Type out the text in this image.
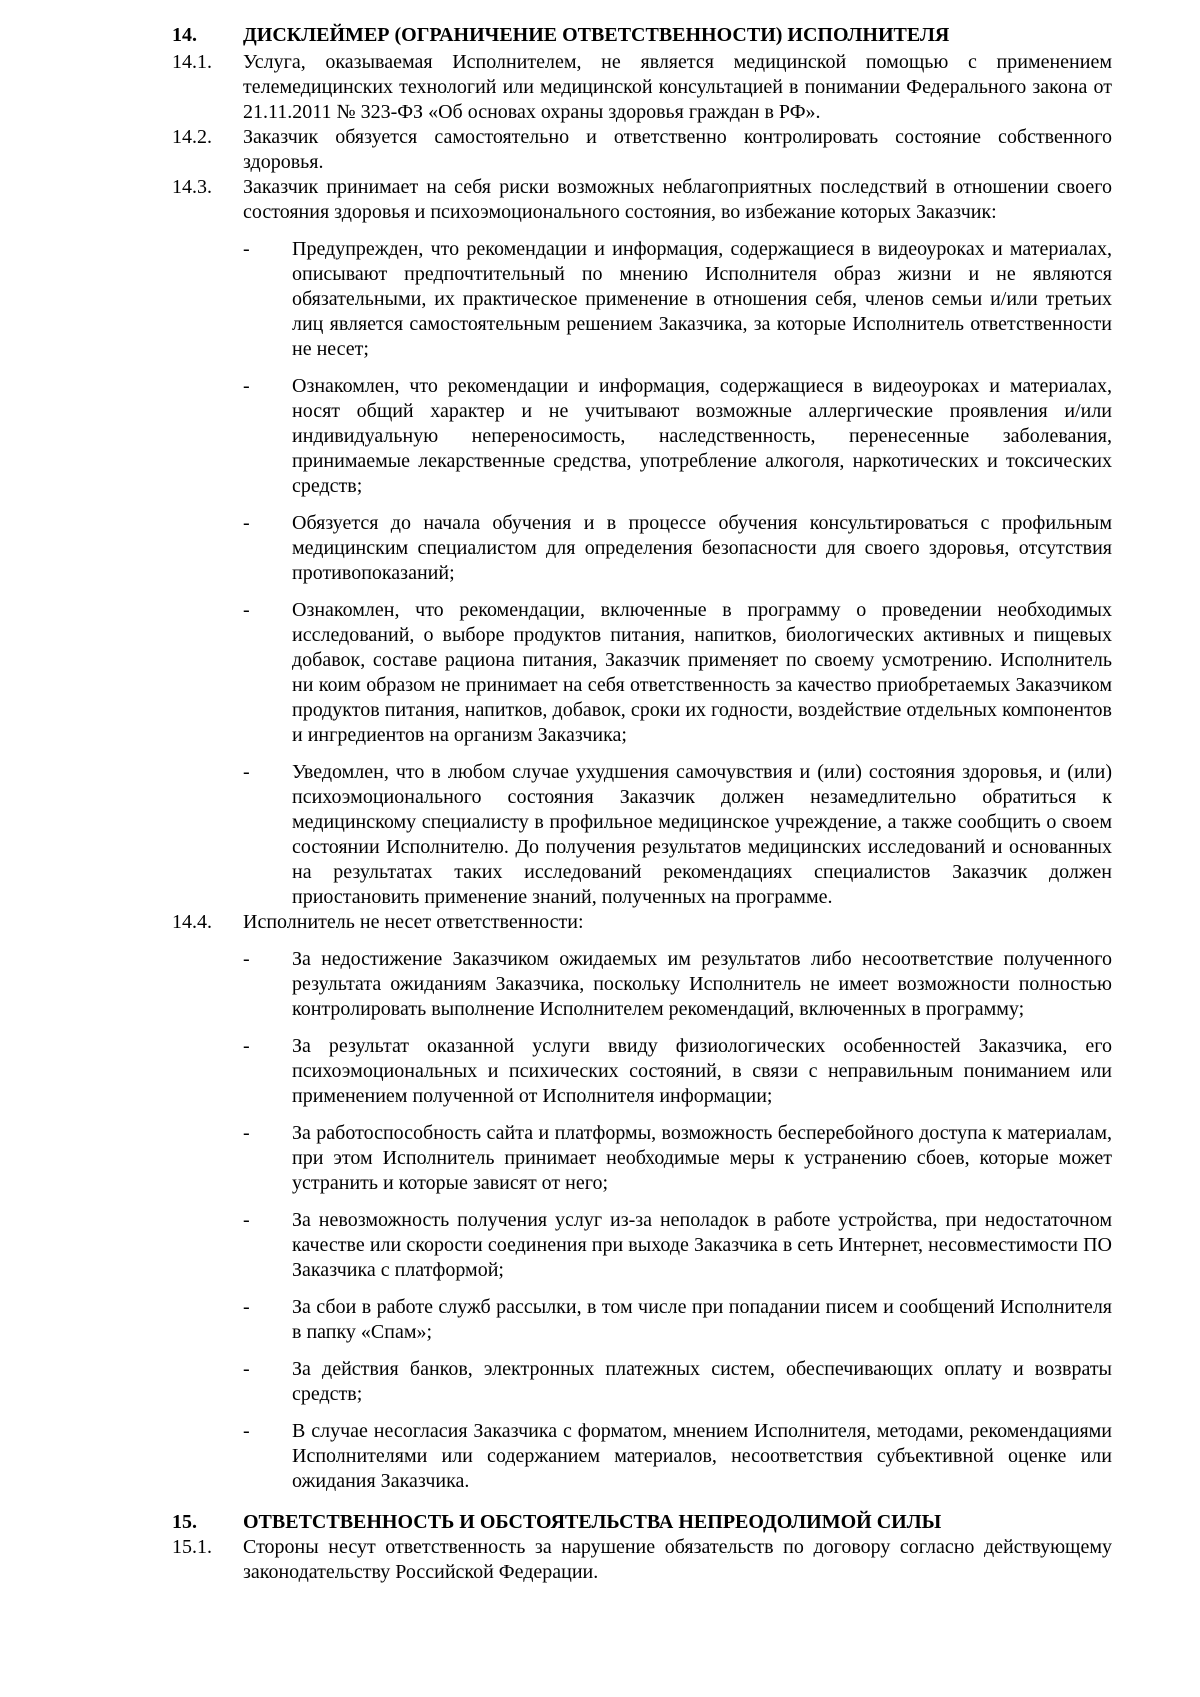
14.	ДИСКЛЕЙМЕР (ОГРАНИЧЕНИЕ ОТВЕТСТВЕННОСТИ) ИСПОЛНИТЕЛЯ

14.1.	Услуга, оказываемая Исполнителем, не является медицинской помощью с применением телемедицинских технологий или медицинской консультацией в понимании Федерального закона от 21.11.2011 № 323-ФЗ «Об основах охраны здоровья граждан в РФ».

14.2.	Заказчик обязуется самостоятельно и ответственно контролировать состояние собственного здоровья.

14.3.	Заказчик принимает на себя риски возможных неблагоприятных последствий в отношении своего состояния здоровья и психоэмоционального состояния, во избежание которых Заказчик:

-	Предупрежден, что рекомендации и информация, содержащиеся в видеоуроках и материалах, описывают предпочтительный по мнению Исполнителя образ жизни и не являются обязательными, их практическое применение в отношения себя, членов семьи и/или третьих лиц является самостоятельным решением Заказчика, за которые Исполнитель ответственности не несет;

-	Ознакомлен, что рекомендации и информация, содержащиеся в видеоуроках и материалах, носят общий характер и не учитывают возможные аллергические проявления и/или индивидуальную непереносимость, наследственность, перенесенные заболевания, принимаемые лекарственные средства, употребление алкоголя, наркотических и токсических средств;

-	Обязуется до начала обучения и в процессе обучения консультироваться с профильным медицинским специалистом для определения безопасности для своего здоровья, отсутствия противопоказаний;

-	Ознакомлен, что рекомендации, включенные в программу о проведении необходимых исследований, о выборе продуктов питания, напитков, биологических активных и пищевых добавок, составе рациона питания, Заказчик применяет по своему усмотрению. Исполнитель ни коим образом не принимает на себя ответственность за качество приобретаемых Заказчиком продуктов питания, напитков, добавок, сроки их годности, воздействие отдельных компонентов и ингредиентов на организм Заказчика;

-	Уведомлен, что в любом случае ухудшения самочувствия и (или) состояния здоровья, и (или) психоэмоционального состояния Заказчик должен незамедлительно обратиться к медицинскому специалисту в профильное медицинское учреждение, а также сообщить о своем состоянии Исполнителю. До получения результатов медицинских исследований и основанных на результатах таких исследований рекомендациях специалистов Заказчик должен приостановить применение знаний, полученных на программе.

14.4.	Исполнитель не несет ответственности:

-	За недостижение Заказчиком ожидаемых им результатов либо несоответствие полученного результата ожиданиям Заказчика, поскольку Исполнитель не имеет возможности полностью контролировать выполнение Исполнителем рекомендаций, включенных в программу;

-	За результат оказанной услуги ввиду физиологических особенностей Заказчика, его психоэмоциональных и психических состояний, в связи с неправильным пониманием или применением полученной от Исполнителя информации;

-	За работоспособность сайта и платформы, возможность бесперебойного доступа к материалам, при этом Исполнитель принимает необходимые меры к устранению сбоев, которые может устранить и которые зависят от него;

-	За невозможность получения услуг из-за неполадок в работе устройства, при недостаточном качестве или скорости соединения при выходе Заказчика в сеть Интернет, несовместимости ПО Заказчика с платформой;

-	За сбои в работе служб рассылки, в том числе при попадании писем и сообщений Исполнителя в папку «Спам»;

-	За действия банков, электронных платежных систем, обеспечивающих оплату и возвраты средств;

-	В случае несогласия Заказчика с форматом, мнением Исполнителя, методами, рекомендациями Исполнителями или содержанием материалов, несоответствия субъективной оценке или ожидания Заказчика.

15.	ОТВЕТСТВЕННОСТЬ И ОБСТОЯТЕЛЬСТВА НЕПРЕОДОЛИМОЙ СИЛЫ

15.1.	Стороны несут ответственность за нарушение обязательств по договору согласно действующему законодательству Российской Федерации.
